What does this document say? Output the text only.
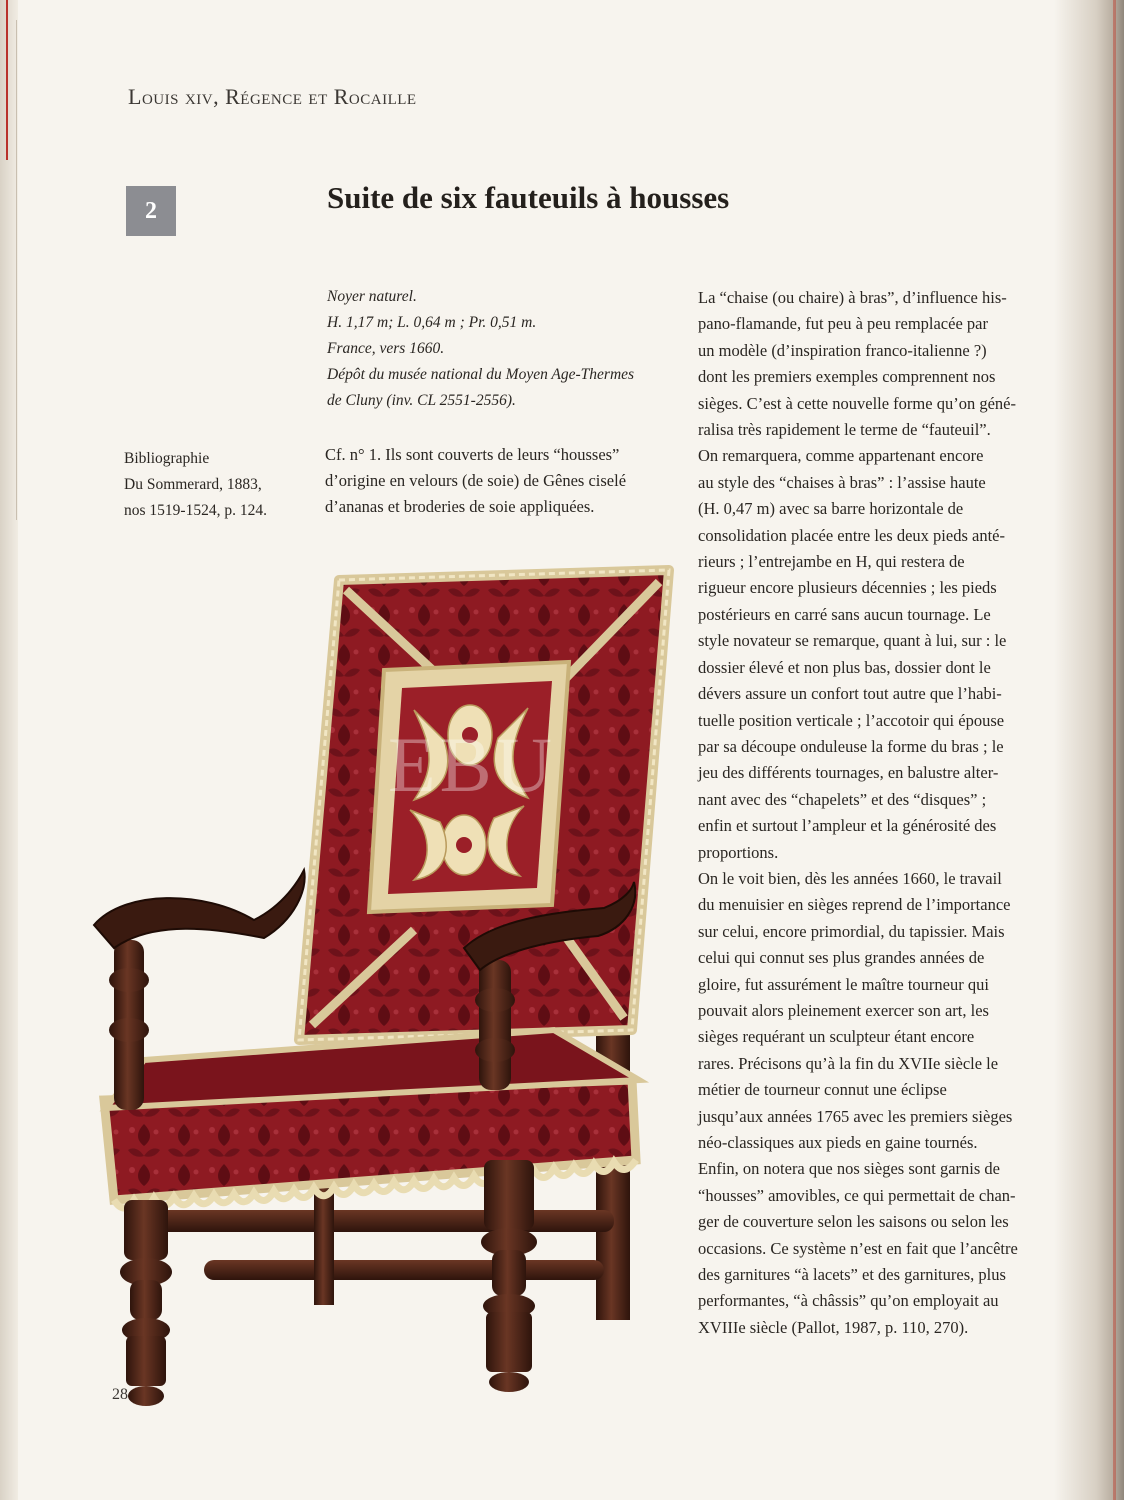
Louis xiv, Régence et Rocaille
2	Suite de six fauteuils à housses
Noyer naturel.
H. 1,17 m; L. 0,64 m ; Pr. 0,51 m.
France, vers 1660.
Dépôt du musée national du Moyen Age-Thermes
de Cluny (inv. CL 2551-2556).
Bibliographie
Du Sommerard, 1883,
nos 1519-1524, p. 124.
Cf. n° 1. Ils sont couverts de leurs “housses”
d’origine en velours (de soie) de Gênes ciselé
d’ananas et broderies de soie appliquées.
La “chaise (ou chaire) à bras”, d’influence his-
pano-flamande, fut peu à peu remplacée par
un modèle (d’inspiration franco-italienne ?)
dont les premiers exemples comprennent nos
sièges. C’est à cette nouvelle forme qu’on géné-
ralisa très rapidement le terme de “fauteuil”.
On remarquera, comme appartenant encore
au style des “chaises à bras” : l’assise haute
(H. 0,47 m) avec sa barre horizontale de
consolidation placée entre les deux pieds anté-
rieurs ; l’entrejambe en H, qui restera de
rigueur encore plusieurs décennies ; les pieds
postérieurs en carré sans aucun tournage. Le
style novateur se remarque, quant à lui, sur : le
dossier élevé et non plus bas, dossier dont le
dévers assure un confort tout autre que l’habi-
tuelle position verticale ; l’accotoir qui épouse
par sa découpe onduleuse la forme du bras ; le
jeu des différents tournages, en balustre alter-
nant avec des “chapelets” et des “disques” ;
enfin et surtout l’ampleur et la générosité des
proportions.
On le voit bien, dès les années 1660, le travail
du menuisier en sièges reprend de l’importance
sur celui, encore primordial, du tapissier. Mais
celui qui connut ses plus grandes années de
gloire, fut assurément le maître tourneur qui
pouvait alors pleinement exercer son art, les
sièges requérant un sculpteur étant encore
rares. Précisons qu’à la fin du XVIIe siècle le
métier de tourneur connut une éclipse
jusqu’aux années 1765 avec les premiers sièges
néo-classiques aux pieds en gaine tournés.
Enfin, on notera que nos sièges sont garnis de
“housses” amovibles, ce qui permettait de chan-
ger de couverture selon les saisons ou selon les
occasions. Ce système n’est en fait que l’ancêtre
des garnitures “à lacets” et des garnitures, plus
performantes, “à châssis” qu’on employait au
XVIIIe siècle (Pallot, 1987, p. 110, 270).
EBU
28
